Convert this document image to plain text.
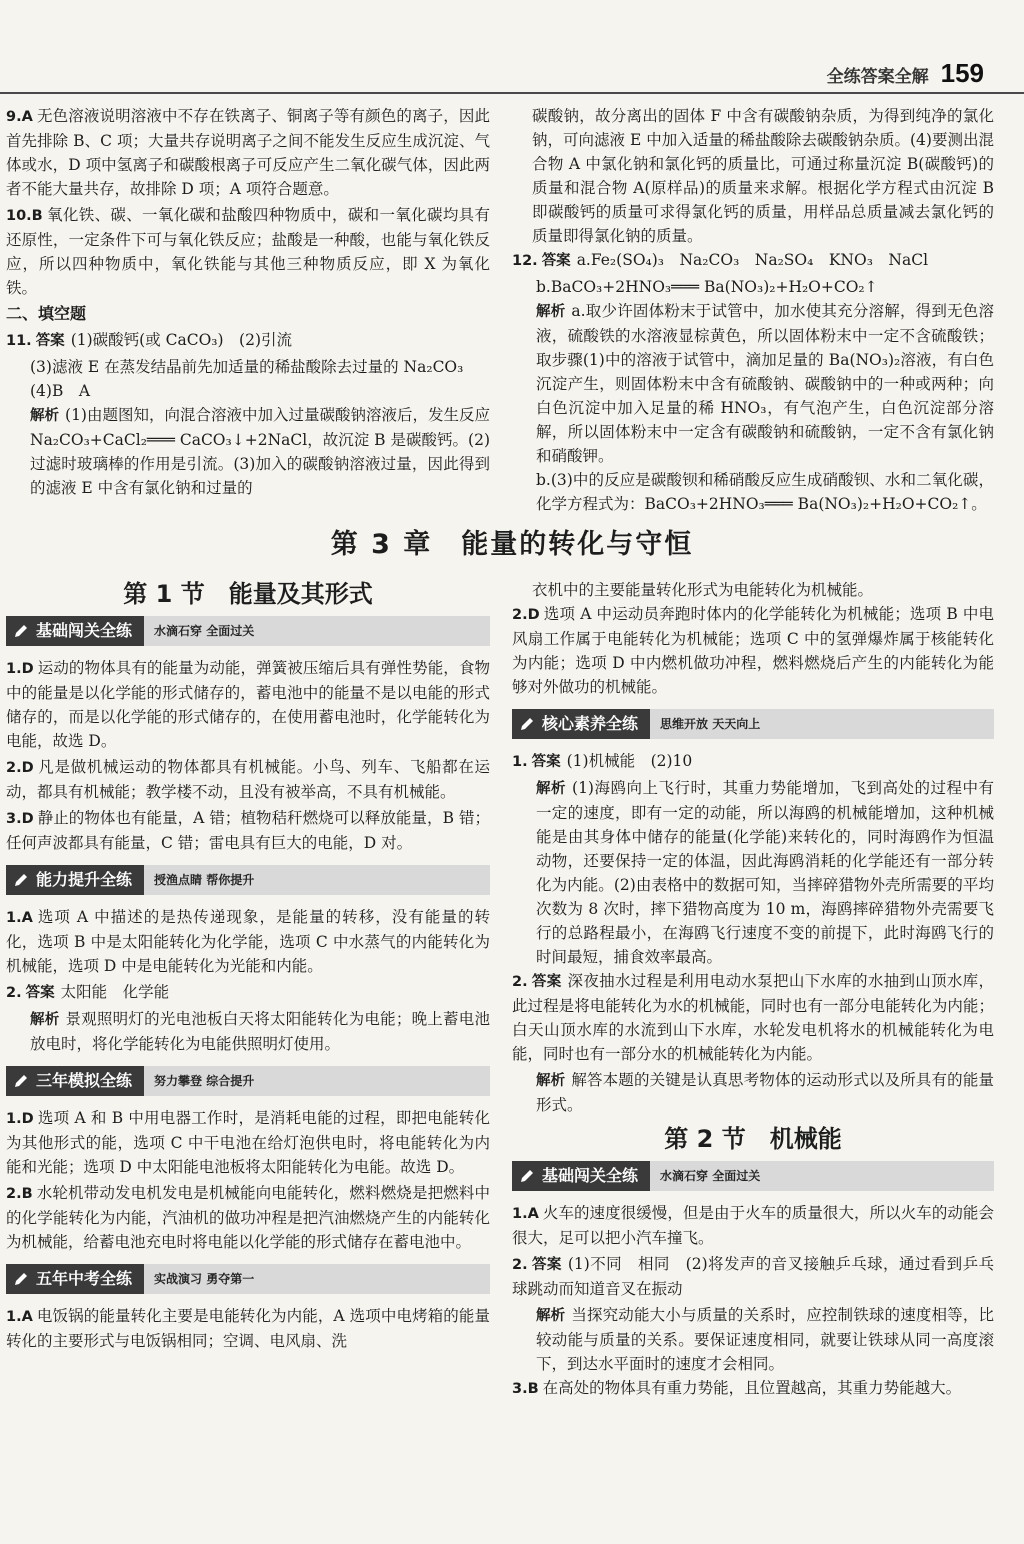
全练答案全解 159

9.A 无色溶液说明溶液中不存在铁离子、铜离子等有颜色的离子，因此首先排除 B、C 项；大量共存说明离子之间不能发生反应生成沉淀、气体或水，D 项中氢离子和碳酸根离子可反应产生二氧化碳气体，因此两者不能大量共存，故排除 D 项；A 项符合题意。

10.B 氧化铁、碳、一氧化碳和盐酸四种物质中，碳和一氧化碳均具有还原性，一定条件下可与氧化铁反应；盐酸是一种酸，也能与氧化铁反应，所以四种物质中，氧化铁能与其他三种物质反应，即 X 为氧化铁。

二、填空题
11. 答案 (1)碳酸钙(或 CaCO₃)　(2)引流
(3)滤液 E 在蒸发结晶前先加适量的稀盐酸除去过量的 Na₂CO₃
(4)B　A
解析 (1)由题图知，向混合溶液中加入过量碳酸钠溶液后，发生反应 Na₂CO₃+CaCl₂═══ CaCO₃↓+2NaCl，故沉淀 B 是碳酸钙。(2)过滤时玻璃棒的作用是引流。(3)加入的碳酸钠溶液过量，因此得到的滤液 E 中含有氯化钠和过量的
碳酸钠，故分离出的固体 F 中含有碳酸钠杂质，为得到纯净的氯化钠，可向滤液 E 中加入适量的稀盐酸除去碳酸钠杂质。(4)要测出混合物 A 中氯化钠和氯化钙的质量比，可通过称量沉淀 B(碳酸钙)的质量和混合物 A(原样品)的质量来求解。根据化学方程式由沉淀 B 即碳酸钙的质量可求得氯化钙的质量，用样品总质量减去氯化钙的质量即得氯化钠的质量。
12. 答案 a.Fe₂(SO₄)₃　Na₂CO₃　Na₂SO₄　KNO₃　NaCl
b.BaCO₃+2HNO₃═══ Ba(NO₃)₂+H₂O+CO₂↑
解析 a.取少许固体粉末于试管中，加水使其充分溶解，得到无色溶液，硫酸铁的水溶液显棕黄色，所以固体粉末中一定不含硫酸铁；取步骤(1)中的溶液于试管中，滴加足量的 Ba(NO₃)₂溶液，有白色沉淀产生，则固体粉末中含有硫酸钠、碳酸钠中的一种或两种；向白色沉淀中加入足量的稀 HNO₃，有气泡产生，白色沉淀部分溶解，所以固体粉末中一定含有碳酸钠和硫酸钠，一定不含有氯化钠和硝酸钾。
b.(3)中的反应是碳酸钡和稀硝酸反应生成硝酸钡、水和二氧化碳，化学方程式为：BaCO₃+2HNO₃═══ Ba(NO₃)₂+H₂O+CO₂↑。
第 3 章　能量的转化与守恒
第 1 节　能量及其形式
基础闯关全练	水滴石穿 全面过关

1.D 运动的物体具有的能量为动能，弹簧被压缩后具有弹性势能，食物中的能量是以化学能的形式储存的，蓄电池中的能量不是以电能的形式储存的，而是以化学能的形式储存的，在使用蓄电池时，化学能转化为电能，故选 D。

2.D 凡是做机械运动的物体都具有机械能。小鸟、列车、飞船都在运动，都具有机械能；教学楼不动，且没有被举高，不具有机械能。

3.D 静止的物体也有能量，A 错；植物秸秆燃烧可以释放能量，B 错；任何声波都具有能量，C 错；雷电具有巨大的电能，D 对。

能力提升全练	授渔点睛 帮你提升

1.A 选项 A 中描述的是热传递现象，是能量的转移，没有能量的转化，选项 B 中是太阳能转化为化学能，选项 C 中水蒸气的内能转化为机械能，选项 D 中是电能转化为光能和内能。

2. 答案 太阳能　化学能
解析 景观照明灯的光电池板白天将太阳能转化为电能；晚上蓄电池放电时，将化学能转化为电能供照明灯使用。
三年模拟全练	努力攀登 综合提升

1.D 选项 A 和 B 中用电器工作时，是消耗电能的过程，即把电能转化为其他形式的能，选项 C 中干电池在给灯泡供电时，将电能转化为内能和光能；选项 D 中太阳能电池板将太阳能转化为电能。故选 D。

2.B 水轮机带动发电机发电是机械能向电能转化，燃料燃烧是把燃料中的化学能转化为内能，汽油机的做功冲程是把汽油燃烧产生的内能转化为机械能，给蓄电池充电时将电能以化学能的形式储存在蓄电池中。

五年中考全练	实战演习 勇夺第一

1.A 电饭锅的能量转化主要是电能转化为内能，A 选项中电烤箱的能量转化的主要形式与电饭锅相同；空调、电风扇、洗

衣机中的主要能量转化形式为电能转化为机械能。

2.D 选项 A 中运动员奔跑时体内的化学能转化为机械能；选项 B 中电风扇工作属于电能转化为机械能；选项 C 中的氢弹爆炸属于核能转化为内能；选项 D 中内燃机做功冲程，燃料燃烧后产生的内能转化为能够对外做功的机械能。

核心素养全练	思维开放 天天向上
1. 答案 (1)机械能　(2)10
解析 (1)海鸥向上飞行时，其重力势能增加，飞到高处的过程中有一定的速度，即有一定的动能，所以海鸥的机械能增加，这种机械能是由其身体中储存的能量(化学能)来转化的，同时海鸥作为恒温动物，还要保持一定的体温，因此海鸥消耗的化学能还有一部分转化为内能。(2)由表格中的数据可知，当摔碎猎物外壳所需要的平均次数为 8 次时，摔下猎物高度为 10 m，海鸥摔碎猎物外壳需要飞行的总路程最小，在海鸥飞行速度不变的前提下，此时海鸥飞行的时间最短，捕食效率最高。
2. 答案 深夜抽水过程是利用电动水泵把山下水库的水抽到山顶水库，此过程是将电能转化为水的机械能，同时也有一部分电能转化为内能；白天山顶水库的水流到山下水库，水轮发电机将水的机械能转化为电能，同时也有一部分水的机械能转化为内能。
解析 解答本题的关键是认真思考物体的运动形式以及所具有的能量形式。
第 2 节　机械能
基础闯关全练	水滴石穿 全面过关

1.A 火车的速度很缓慢，但是由于火车的质量很大，所以火车的动能会很大，足可以把小汽车撞飞。

2. 答案 (1)不同　相同　(2)将发声的音叉接触乒乓球，通过看到乒乓球跳动而知道音叉在振动
解析 当探究动能大小与质量的关系时，应控制铁球的速度相等，比较动能与质量的关系。要保证速度相同，就要让铁球从同一高度滚下，到达水平面时的速度才会相同。

3.B 在高处的物体具有重力势能，且位置越高，其重力势能越大。
